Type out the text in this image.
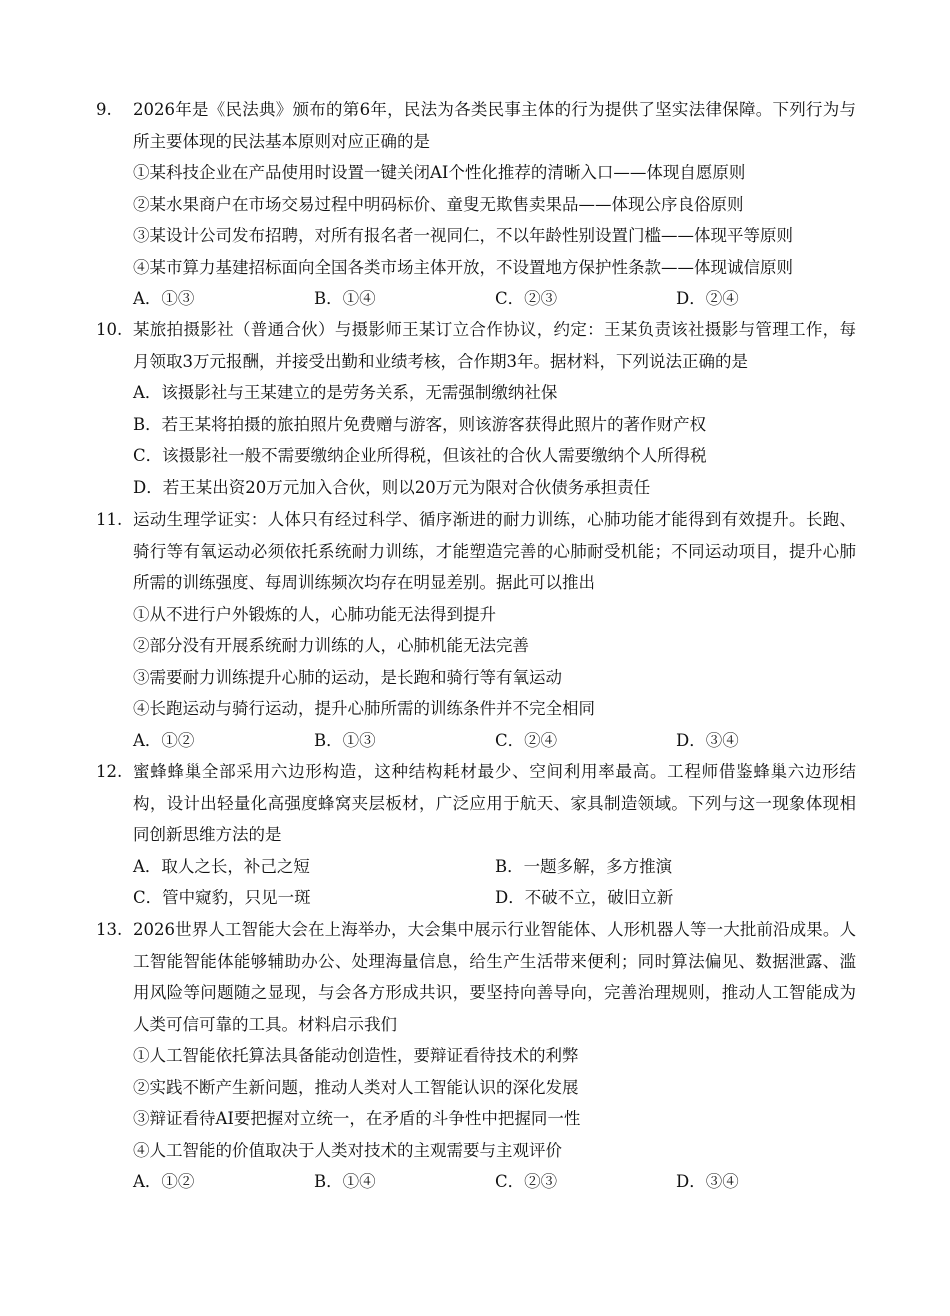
9.	2026年是《民法典》颁布的第6年，民法为各类民事主体的行为提供了坚实法律保障。下列行为与所主要体现的民法基本原则对应正确的是
①某科技企业在产品使用时设置一键关闭AI个性化推荐的清晰入口——体现自愿原则
②某水果商户在市场交易过程中明码标价、童叟无欺售卖果品——体现公序良俗原则
③某设计公司发布招聘，对所有报名者一视同仁，不以年龄性别设置门槛——体现平等原则
④某市算力基建招标面向全国各类市场主体开放，不设置地方保护性条款——体现诚信原则
A．①③	B．①④	C．②③	D．②④
10. 某旅拍摄影社（普通合伙）与摄影师王某订立合作协议，约定：王某负责该社摄影与管理工作，每月领取3万元报酬，并接受出勤和业绩考核，合作期3年。据材料，下列说法正确的是
A．该摄影社与王某建立的是劳务关系，无需强制缴纳社保
B．若王某将拍摄的旅拍照片免费赠与游客，则该游客获得此照片的著作财产权
C．该摄影社一般不需要缴纳企业所得税，但该社的合伙人需要缴纳个人所得税
D．若王某出资20万元加入合伙，则以20万元为限对合伙债务承担责任
11. 运动生理学证实：人体只有经过科学、循序渐进的耐力训练，心肺功能才能得到有效提升。长跑、骑行等有氧运动必须依托系统耐力训练，才能塑造完善的心肺耐受机能；不同运动项目，提升心肺所需的训练强度、每周训练频次均存在明显差别。据此可以推出
①从不进行户外锻炼的人，心肺功能无法得到提升
②部分没有开展系统耐力训练的人，心肺机能无法完善
③需要耐力训练提升心肺的运动，是长跑和骑行等有氧运动
④长跑运动与骑行运动，提升心肺所需的训练条件并不完全相同
A．①②	B．①③	C．②④	D．③④
12. 蜜蜂蜂巢全部采用六边形构造，这种结构耗材最少、空间利用率最高。工程师借鉴蜂巢六边形结构，设计出轻量化高强度蜂窝夹层板材，广泛应用于航天、家具制造领域。下列与这一现象体现相同创新思维方法的是
A．取人之长，补己之短	B．一题多解，多方推演
C．管中窥豹，只见一斑	D．不破不立，破旧立新
13. 2026世界人工智能大会在上海举办，大会集中展示行业智能体、人形机器人等一大批前沿成果。人工智能智能体能够辅助办公、处理海量信息，给生产生活带来便利；同时算法偏见、数据泄露、滥用风险等问题随之显现，与会各方形成共识，要坚持向善导向，完善治理规则，推动人工智能成为人类可信可靠的工具。材料启示我们
①人工智能依托算法具备能动创造性，要辩证看待技术的利弊
②实践不断产生新问题，推动人类对人工智能认识的深化发展
③辩证看待AI要把握对立统一，在矛盾的斗争性中把握同一性
④人工智能的价值取决于人类对技术的主观需要与主观评价
A．①②	B．①④	C．②③	D．③④
